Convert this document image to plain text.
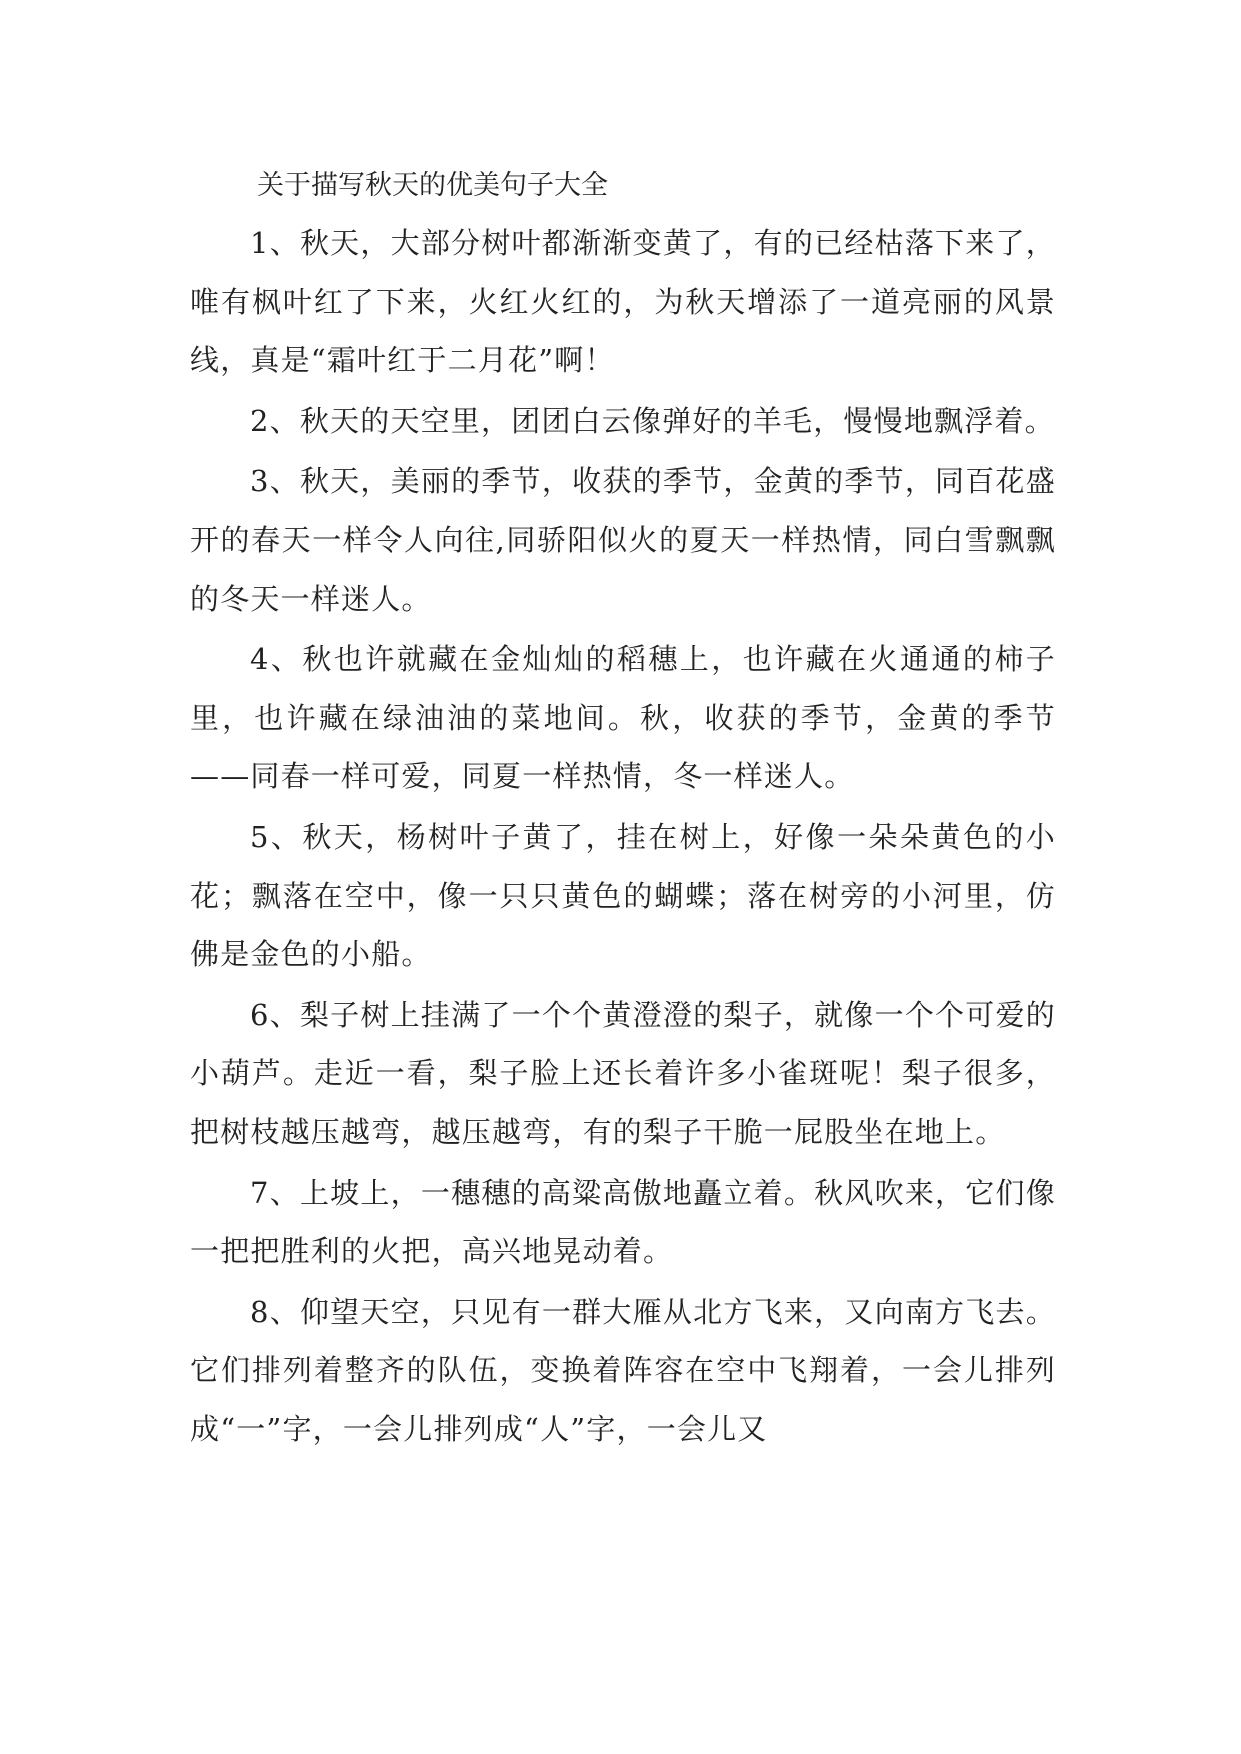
关于描写秋天的优美句子大全

1、秋天，大部分树叶都渐渐变黄了，有的已经枯落下来了，唯有枫叶红了下来，火红火红的，为秋天增添了一道亮丽的风景线，真是“霜叶红于二月花”啊！

2、秋天的天空里，团团白云像弹好的羊毛，慢慢地飘浮着。

3、秋天，美丽的季节，收获的季节，金黄的季节，同百花盛开的春天一样令人向往,同骄阳似火的夏天一样热情，同白雪飘飘的冬天一样迷人。

4、秋也许就藏在金灿灿的稻穗上，也许藏在火通通的柿子里，也许藏在绿油油的菜地间。秋，收获的季节，金黄的季节——同春一样可爱，同夏一样热情，冬一样迷人。

5、秋天，杨树叶子黄了，挂在树上，好像一朵朵黄色的小花；飘落在空中，像一只只黄色的蝴蝶；落在树旁的小河里，仿佛是金色的小船。

6、梨子树上挂满了一个个黄澄澄的梨子，就像一个个可爱的小葫芦。走近一看，梨子脸上还长着许多小雀斑呢！梨子很多，把树枝越压越弯，越压越弯，有的梨子干脆一屁股坐在地上。

7、上坡上，一穗穗的高粱高傲地矗立着。秋风吹来，它们像一把把胜利的火把，高兴地晃动着。

8、仰望天空，只见有一群大雁从北方飞来，又向南方飞去。它们排列着整齐的队伍，变换着阵容在空中飞翔着，一会儿排列成“一”字，一会儿排列成“人”字，一会儿又
